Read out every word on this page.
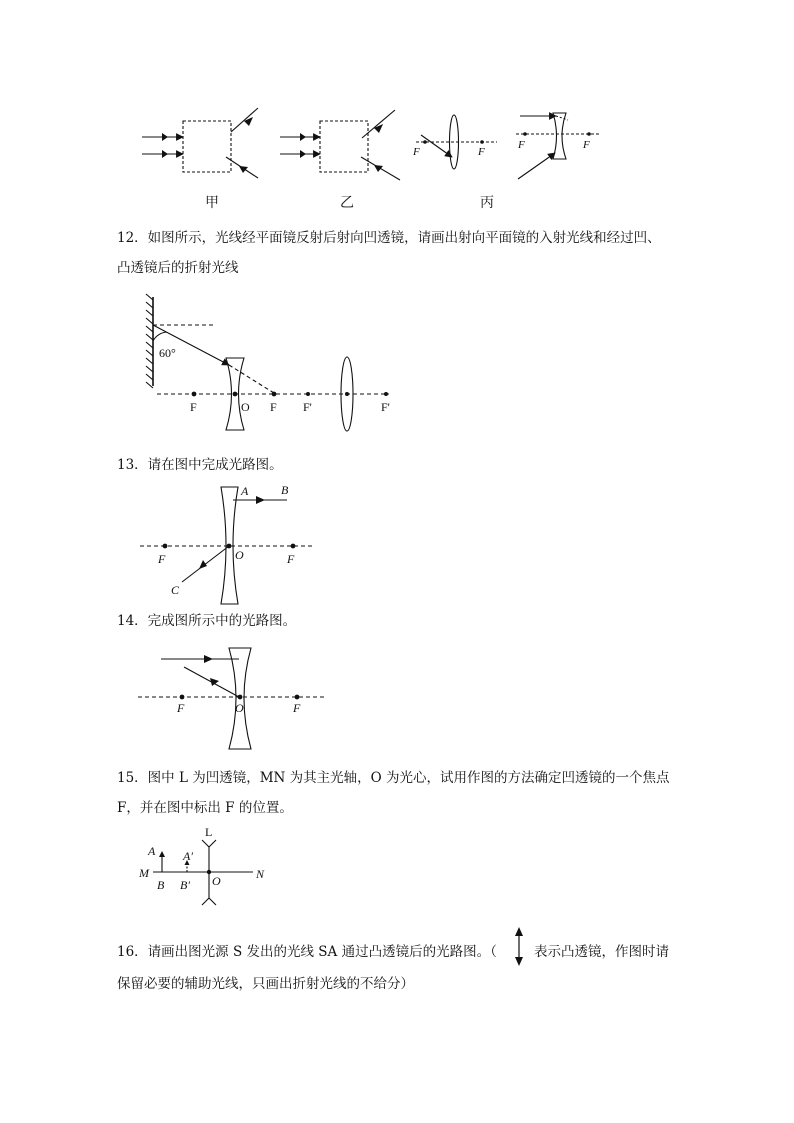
F	F
F	F
甲	乙	丙
60°
F	O F F'	F'
A	B
C
O
F	F
F	O	F
L
A A′
M
B B′ O	N
12．如图所示，光线经平面镜反射后射向凹透镜，请画出射向平面镜的入射光线和经过凹、
凸透镜后的折射光线
13．请在图中完成光路图。
14．完成图所示中的光路图。
15．图中 L 为凹透镜，MN 为其主光轴，O 为光心，试用作图的方法确定凹透镜的一个焦点
F，并在图中标出 F 的位置。
16．请画出图光源 S 发出的光线 SA 通过凸透镜后的光路图。（	表示凸透镜，作图时请
保留必要的辅助光线，只画出折射光线的不给分）
